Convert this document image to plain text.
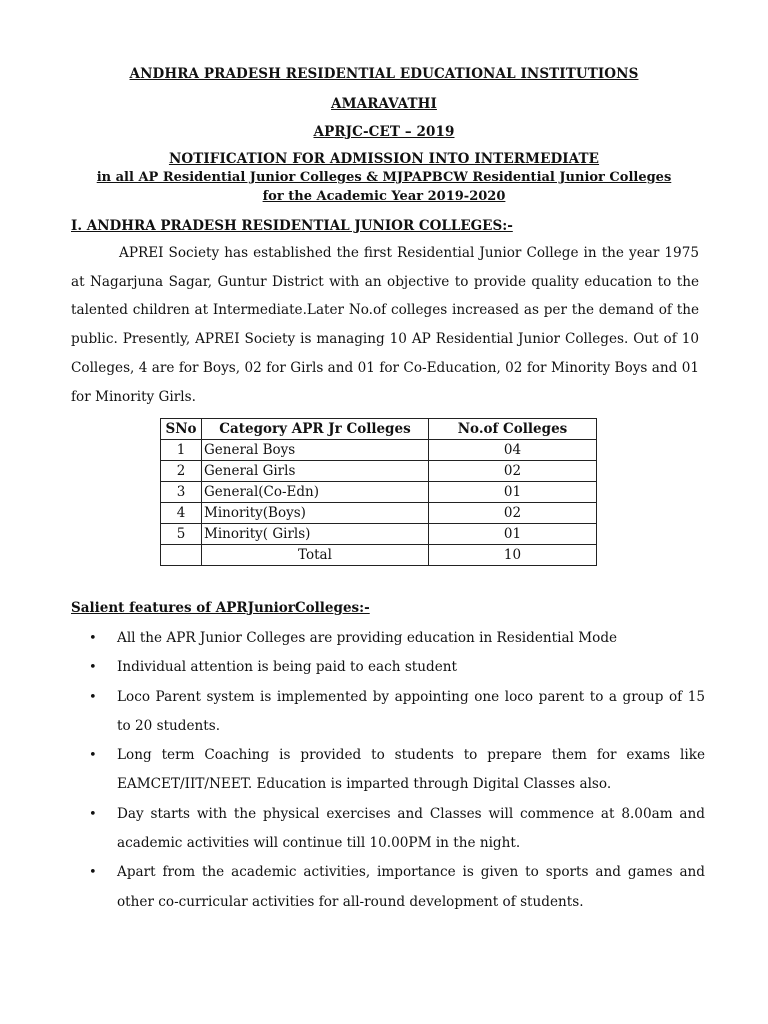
ANDHRA PRADESH RESIDENTIAL EDUCATIONAL INSTITUTIONS
AMARAVATHI
APRJC-CET – 2019
NOTIFICATION FOR ADMISSION INTO INTERMEDIATE
in all AP Residential Junior Colleges & MJPAPBCW Residential Junior Colleges
for the Academic Year 2019-2020
I. ANDHRA PRADESH RESIDENTIAL JUNIOR COLLEGES:-
APREI Society has established the first Residential Junior College in the year 1975 at Nagarjuna Sagar, Guntur District with an objective to provide quality education to the talented children at Intermediate.Later No.of colleges increased as per the demand of the public. Presently, APREI Society is managing 10 AP Residential Junior Colleges. Out of 10 Colleges, 4 are for Boys, 02 for Girls and 01 for Co-Education, 02 for Minority Boys and 01 for Minority Girls.
SNo	Category APR Jr Colleges	No.of Colleges
1	General Boys	04
2	General Girls	02
3	General(Co-Edn)	01
4	Minority(Boys)	02
5	Minority( Girls)	01
	Total	10
Salient features of APRJuniorColleges:-
• All the APR Junior Colleges are providing education in Residential Mode
• Individual attention is being paid to each student
• Loco Parent system is implemented by appointing one loco parent to a group of 15 to 20 students.
• Long term Coaching is provided to students to prepare them for exams like EAMCET/IIT/NEET. Education is imparted through Digital Classes also.
• Day starts with the physical exercises and Classes will commence at 8.00am and academic activities will continue till 10.00PM in the night.
• Apart from the academic activities, importance is given to sports and games and other co-curricular activities for all-round development of students.
